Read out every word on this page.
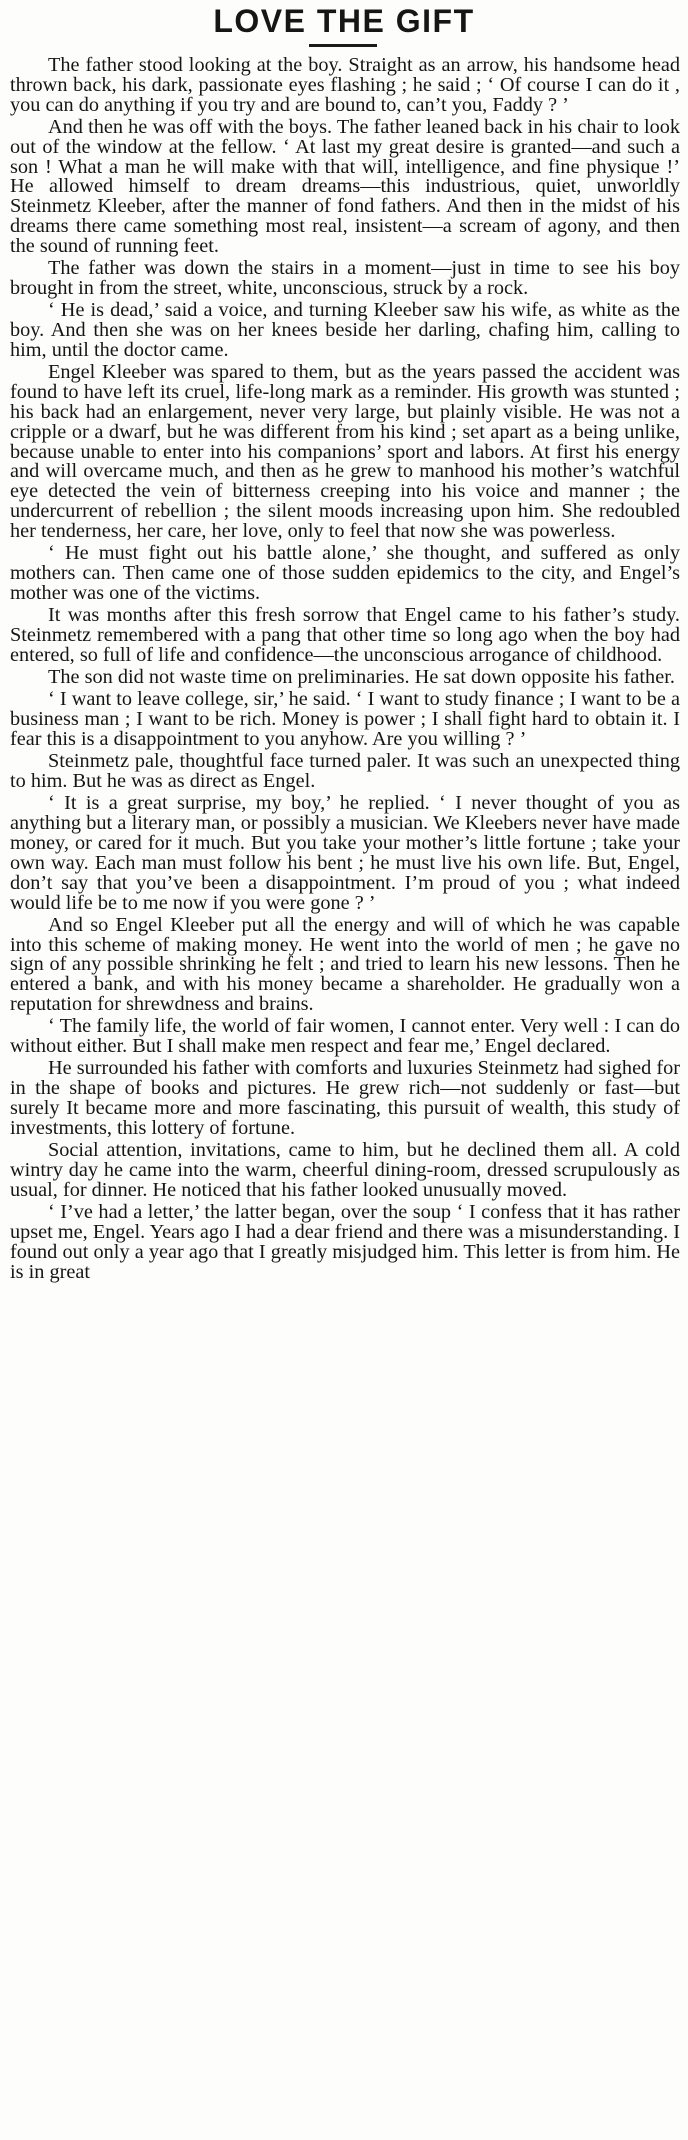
LOVE THE GIFT

The father stood looking at the boy. Straight as an arrow, his handsome head thrown back, his dark, passionate eyes flashing ; he said ; ‘ Of course I can do it , you can do anything if you try and are bound to, can’t you, Faddy ? ’

And then he was off with the boys. The father leaned back in his chair to look out of the window at the fellow. ‘ At last my great desire is granted—and such a son ! What a man he will make with that will, intelligence, and fine physique !’ He allowed himself to dream dreams—this industrious, quiet, unworldly Steinmetz Kleeber, after the manner of fond fathers. And then in the midst of his dreams there came something most real, insistent—a scream of agony, and then the sound of running feet.

The father was down the stairs in a moment—just in time to see his boy brought in from the street, white, unconscious, struck by a rock.

‘ He is dead,’ said a voice, and turning Kleeber saw his wife, as white as the boy. And then she was on her knees beside her darling, chafing him, calling to him, until the doctor came.

Engel Kleeber was spared to them, but as the years passed the accident was found to have left its cruel, life-long mark as a reminder. His growth was stunted ; his back had an enlargement, never very large, but plainly visible. He was not a cripple or a dwarf, but he was different from his kind ; set apart as a being unlike, because unable to enter into his companions’ sport and labors. At first his energy and will overcame much, and then as he grew to manhood his mother’s watchful eye detected the vein of bitterness creeping into his voice and manner ; the undercurrent of rebellion ; the silent moods increasing upon him. She redoubled her tenderness, her care, her love, only to feel that now she was powerless.

‘ He must fight out his battle alone,’ she thought, and suffered as only mothers can. Then came one of those sudden epidemics to the city, and Engel’s mother was one of the victims.

It was months after this fresh sorrow that Engel came to his father’s study. Steinmetz remembered with a pang that other time so long ago when the boy had entered, so full of life and confidence—the unconscious arrogance of childhood.

The son did not waste time on preliminaries. He sat down opposite his father.

‘ I want to leave college, sir,’ he said. ‘ I want to study finance ; I want to be a business man ; I want to be rich. Money is power ; I shall fight hard to obtain it. I fear this is a disappointment to you anyhow. Are you willing ? ’

Steinmetz pale, thoughtful face turned paler. It was such an unexpected thing to him. But he was as direct as Engel.

‘ It is a great surprise, my boy,’ he replied. ‘ I never thought of you as anything but a literary man, or possibly a musician. We Kleebers never have made money, or cared for it much. But you take your mother’s little fortune ; take your own way. Each man must follow his bent ; he must live his own life. But, Engel, don’t say that you’ve been a disappointment. I’m proud of you ; what indeed would life be to me now if you were gone ? ’

And so Engel Kleeber put all the energy and will of which he was capable into this scheme of making money. He went into the world of men ; he gave no sign of any possible shrinking he felt ; and tried to learn his new lessons. Then he entered a bank, and with his money became a shareholder. He gradually won a reputation for shrewdness and brains.

‘ The family life, the world of fair women, I cannot enter. Very well : I can do without either. But I shall make men respect and fear me,’ Engel declared.

He surrounded his father with comforts and luxuries Steinmetz had sighed for in the shape of books and pictures. He grew rich—not suddenly or fast—but surely It became more and more fascinating, this pursuit of wealth, this study of investments, this lottery of fortune.

Social attention, invitations, came to him, but he declined them all. A cold wintry day he came into the warm, cheerful dining-room, dressed scrupulously as usual, for dinner. He noticed that his father looked unusually moved.

‘ I’ve had a letter,’ the latter began, over the soup ‘ I confess that it has rather upset me, Engel. Years ago I had a dear friend and there was a misunderstanding. I found out only a year ago that I greatly misjudged him. This letter is from him. He is in great
